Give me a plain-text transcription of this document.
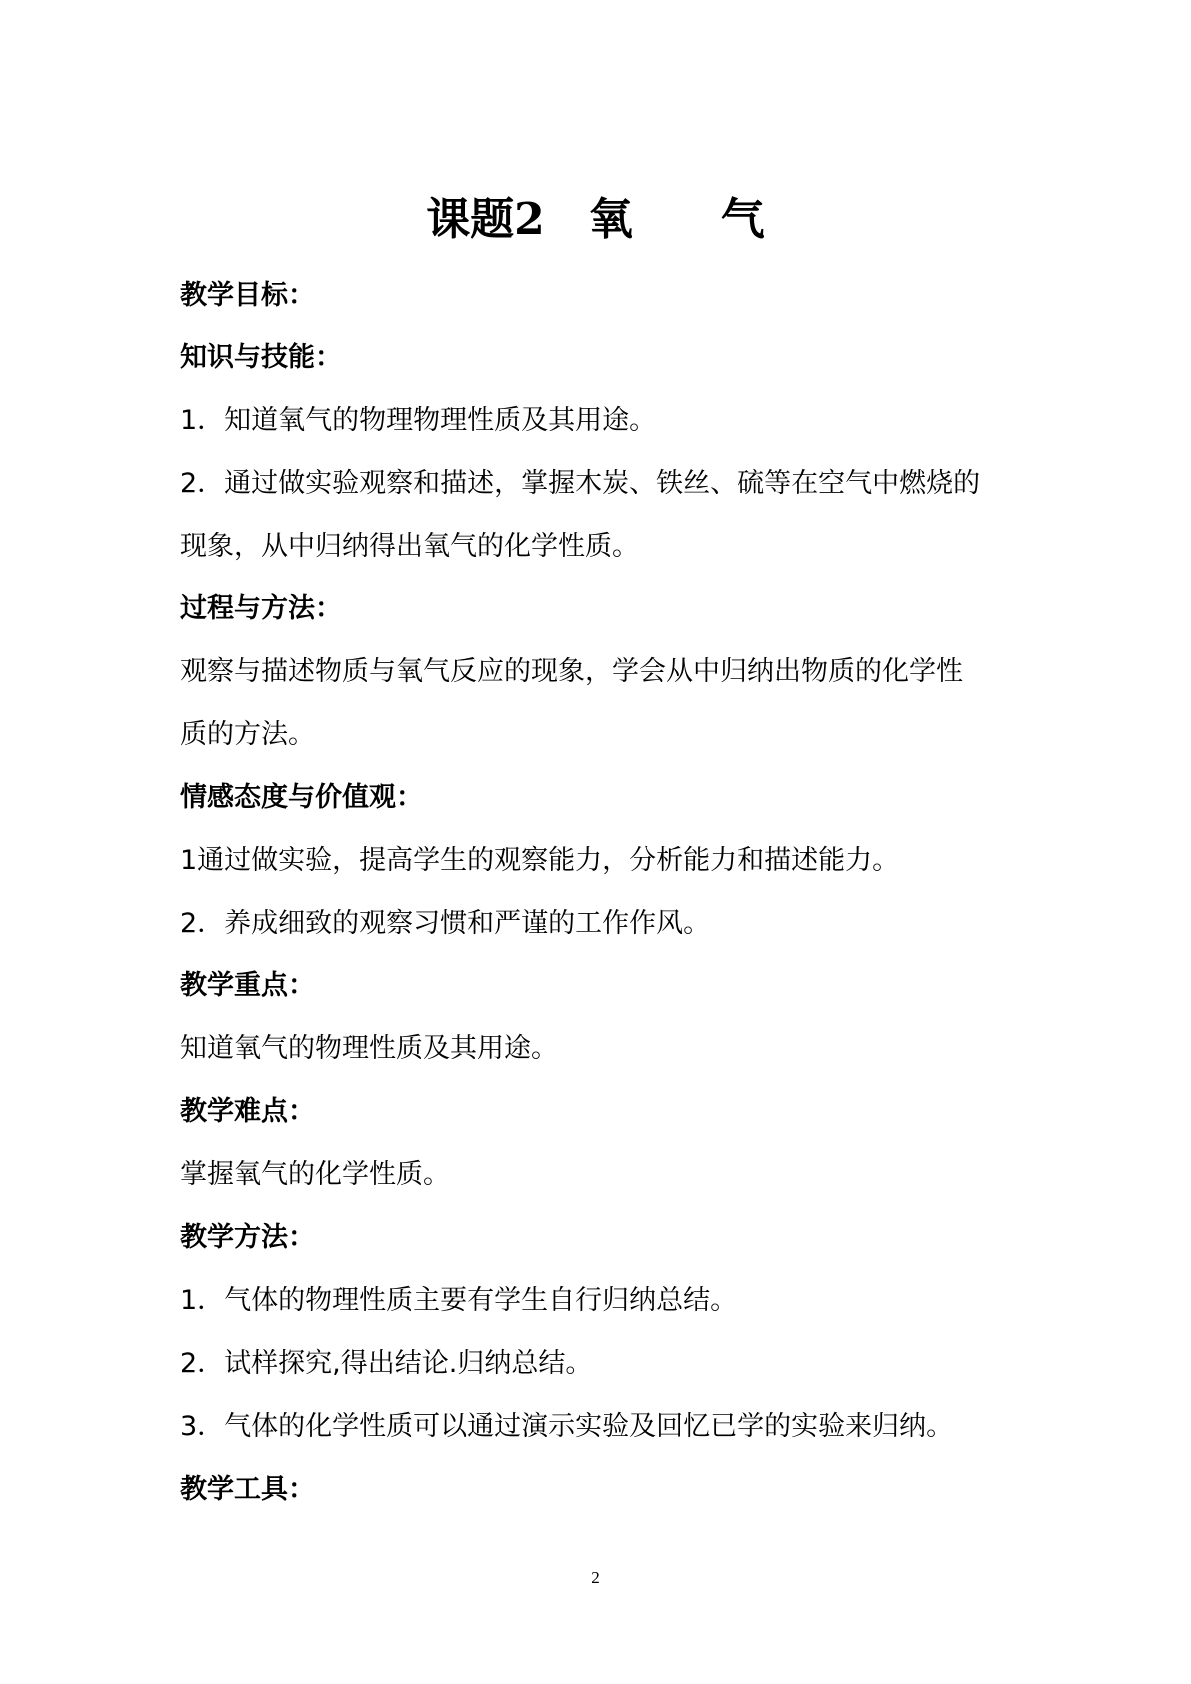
课题2　氧　　气
教学目标：
知识与技能：
1．知道氧气的物理物理性质及其用途。
2．通过做实验观察和描述，掌握木炭、铁丝、硫等在空气中燃烧的
现象，从中归纳得出氧气的化学性质。
过程与方法：
观察与描述物质与氧气反应的现象，学会从中归纳出物质的化学性
质的方法。
情感态度与价值观：
1通过做实验，提高学生的观察能力，分析能力和描述能力。
2．养成细致的观察习惯和严谨的工作作风。
教学重点：
知道氧气的物理性质及其用途。
教学难点：
掌握氧气的化学性质。
教学方法：
1．气体的物理性质主要有学生自行归纳总结。
2．试样探究,得出结论.归纳总结。
3．气体的化学性质可以通过演示实验及回忆已学的实验来归纳。
教学工具：
2
